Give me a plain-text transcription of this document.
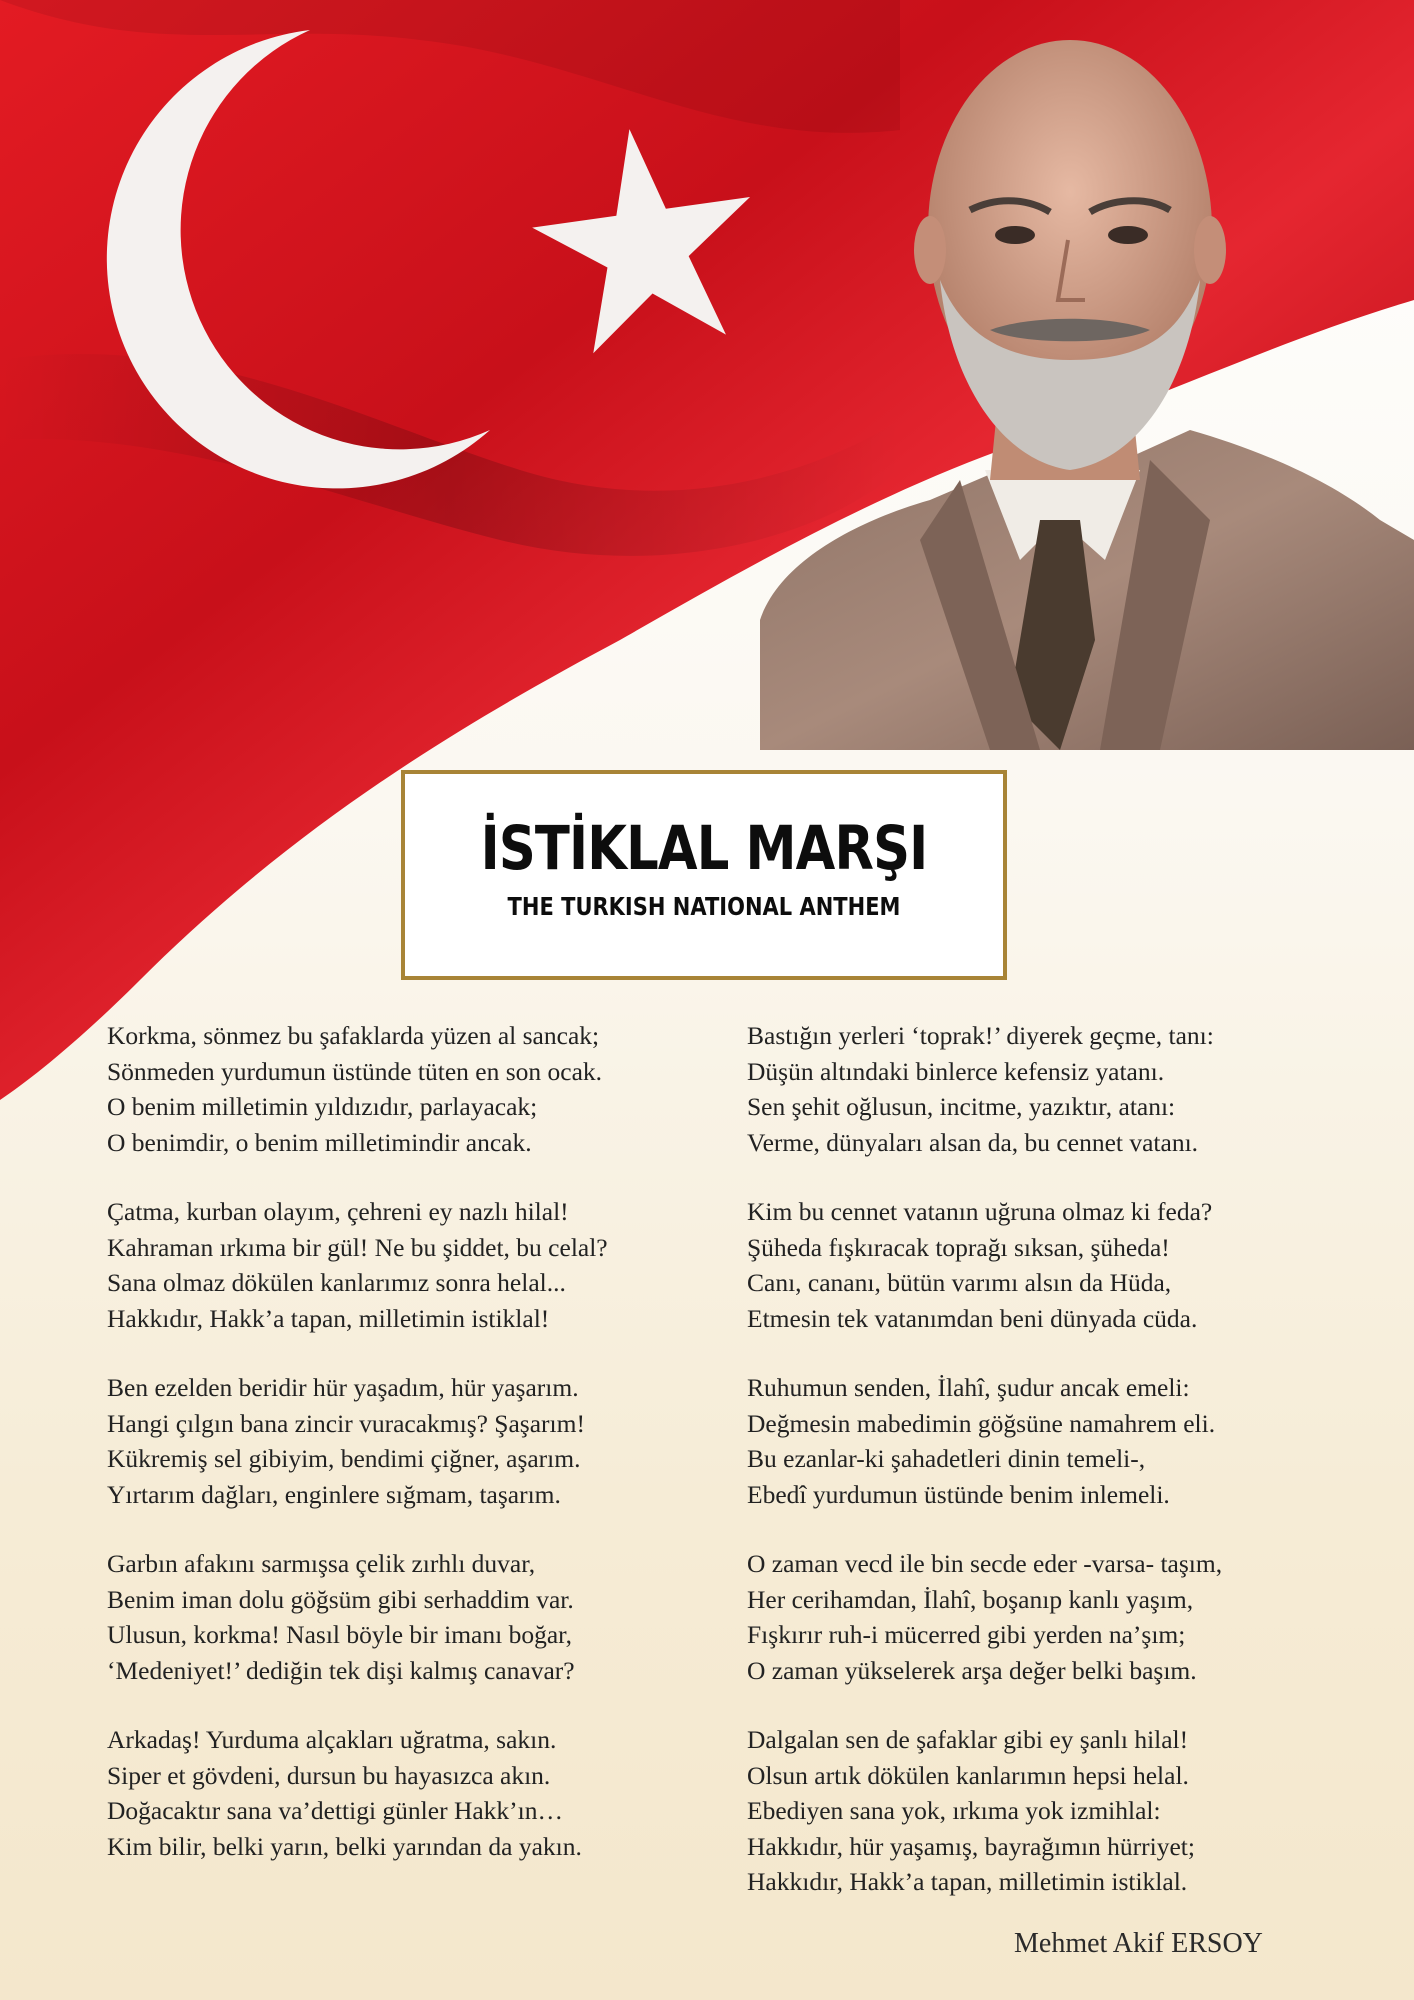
İSTİKLAL MARŞI
THE TURKISH NATIONAL ANTHEM
Korkma, sönmez bu şafaklarda yüzen al sancak;
Sönmeden yurdumun üstünde tüten en son ocak.
O benim milletimin yıldızıdır, parlayacak;
O benimdir, o benim milletimindir ancak.
Çatma, kurban olayım, çehreni ey nazlı hilal!
Kahraman ırkıma bir gül! Ne bu şiddet, bu celal?
Sana olmaz dökülen kanlarımız sonra helal...
Hakkıdır, Hakk’a tapan, milletimin istiklal!
Ben ezelden beridir hür yaşadım, hür yaşarım.
Hangi çılgın bana zincir vuracakmış? Şaşarım!
Kükremiş sel gibiyim, bendimi çiğner, aşarım.
Yırtarım dağları, enginlere sığmam, taşarım.
Garbın afakını sarmışsa çelik zırhlı duvar,
Benim iman dolu göğsüm gibi serhaddim var.
Ulusun, korkma! Nasıl böyle bir imanı boğar,
‘Medeniyet!’ dediğin tek dişi kalmış canavar?
Arkadaş! Yurduma alçakları uğratma, sakın.
Siper et gövdeni, dursun bu hayasızca akın.
Doğacaktır sana va’dettigi günler Hakk’ın…
Kim bilir, belki yarın, belki yarından da yakın.
Bastığın yerleri ‘toprak!’ diyerek geçme, tanı:
Düşün altındaki binlerce kefensiz yatanı.
Sen şehit oğlusun, incitme, yazıktır, atanı:
Verme, dünyaları alsan da, bu cennet vatanı.
Kim bu cennet vatanın uğruna olmaz ki feda?
Şüheda fışkıracak toprağı sıksan, şüheda!
Canı, cananı, bütün varımı alsın da Hüda,
Etmesin tek vatanımdan beni dünyada cüda.
Ruhumun senden, İlahî, şudur ancak emeli:
Değmesin mabedimin göğsüne namahrem eli.
Bu ezanlar-ki şahadetleri dinin temeli-,
Ebedî yurdumun üstünde benim inlemeli.
O zaman vecd ile bin secde eder -varsa- taşım,
Her cerihamdan, İlahî, boşanıp kanlı yaşım,
Fışkırır ruh-i mücerred gibi yerden na’şım;
O zaman yükselerek arşa değer belki başım.
Dalgalan sen de şafaklar gibi ey şanlı hilal!
Olsun artık dökülen kanlarımın hepsi helal.
Ebediyen sana yok, ırkıma yok izmihlal:
Hakkıdır, hür yaşamış, bayrağımın hürriyet;
Hakkıdır, Hakk’a tapan, milletimin istiklal.
Mehmet Akif ERSOY
